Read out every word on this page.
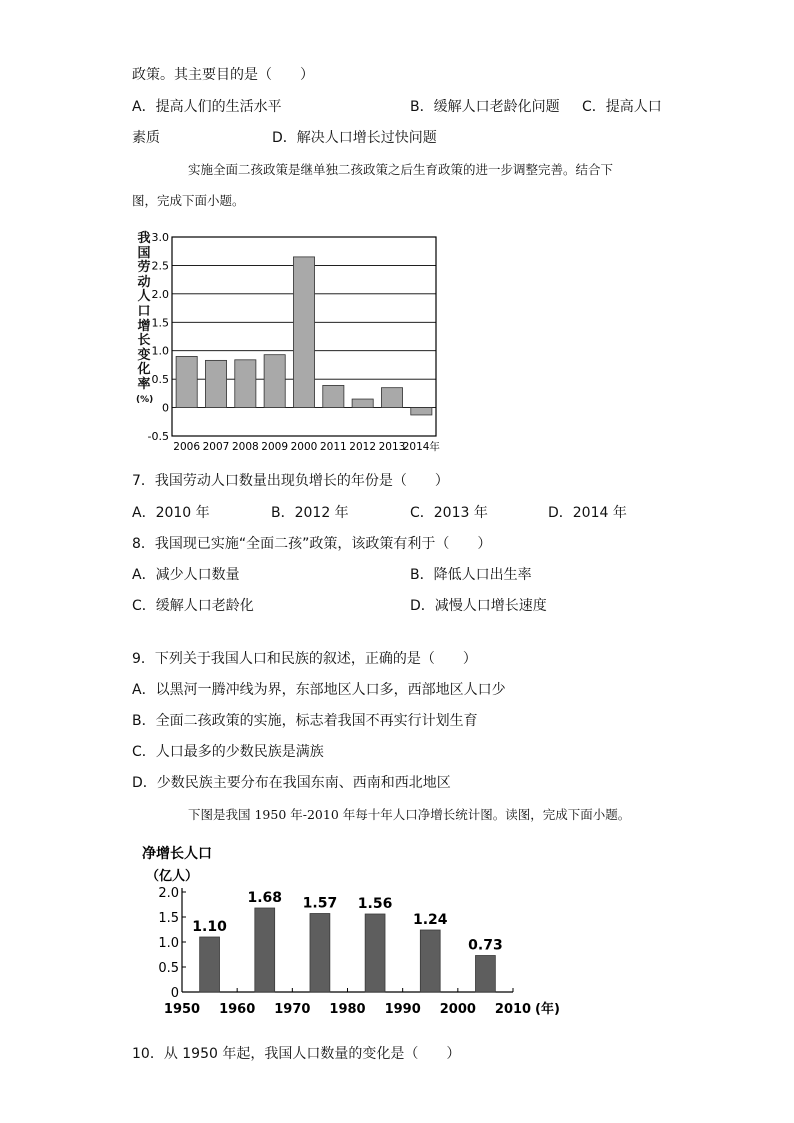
政策。其主要目的是（　　）
A．提高人们的生活水平	B．缓解人口老龄化问题 C．提高人口
素质	D．解决人口增长过快问题
实施全面二孩政策是继单独二孩政策之后生育政策的进一步调整完善。结合下
图，完成下面小题。
我
国
劳
动
人
口
增
长
变
化
率
(%)
3.0
2.5
2.0
1.5
1.0
0.5
0
-0.5
2006 2007 2008 2009 2000 2011 2012 2013
2014年
7．我国劳动人口数量出现负增长的年份是（　　）
A．2010 年	B．2012 年	C．2013 年	D．2014 年
8．我国现已实施“全面二孩”政策，该政策有利于（　　）
A．减少人口数量	B．降低人口出生率
C．缓解人口老龄化	D．减慢人口增长速度
9．下列关于我国人口和民族的叙述，正确的是（　　）
A．以黑河一腾冲线为界，东部地区人口多，西部地区人口少
B．全面二孩政策的实施，标志着我国不再实行计划生育
C．人口最多的少数民族是满族
D．少数民族主要分布在我国东南、西南和西北地区
下图是我国 1950 年-2010 年每十年人口净增长统计图。读图，完成下面小题。
净增长人口
（亿人）
2.0
1.5
1.0
0.5
0
1950 1960 1970 1980 1990 2000 2010 (年)
1.10
1.68 1.57 1.56
1.24
0.73
10．从 1950 年起，我国人口数量的变化是（　　）
